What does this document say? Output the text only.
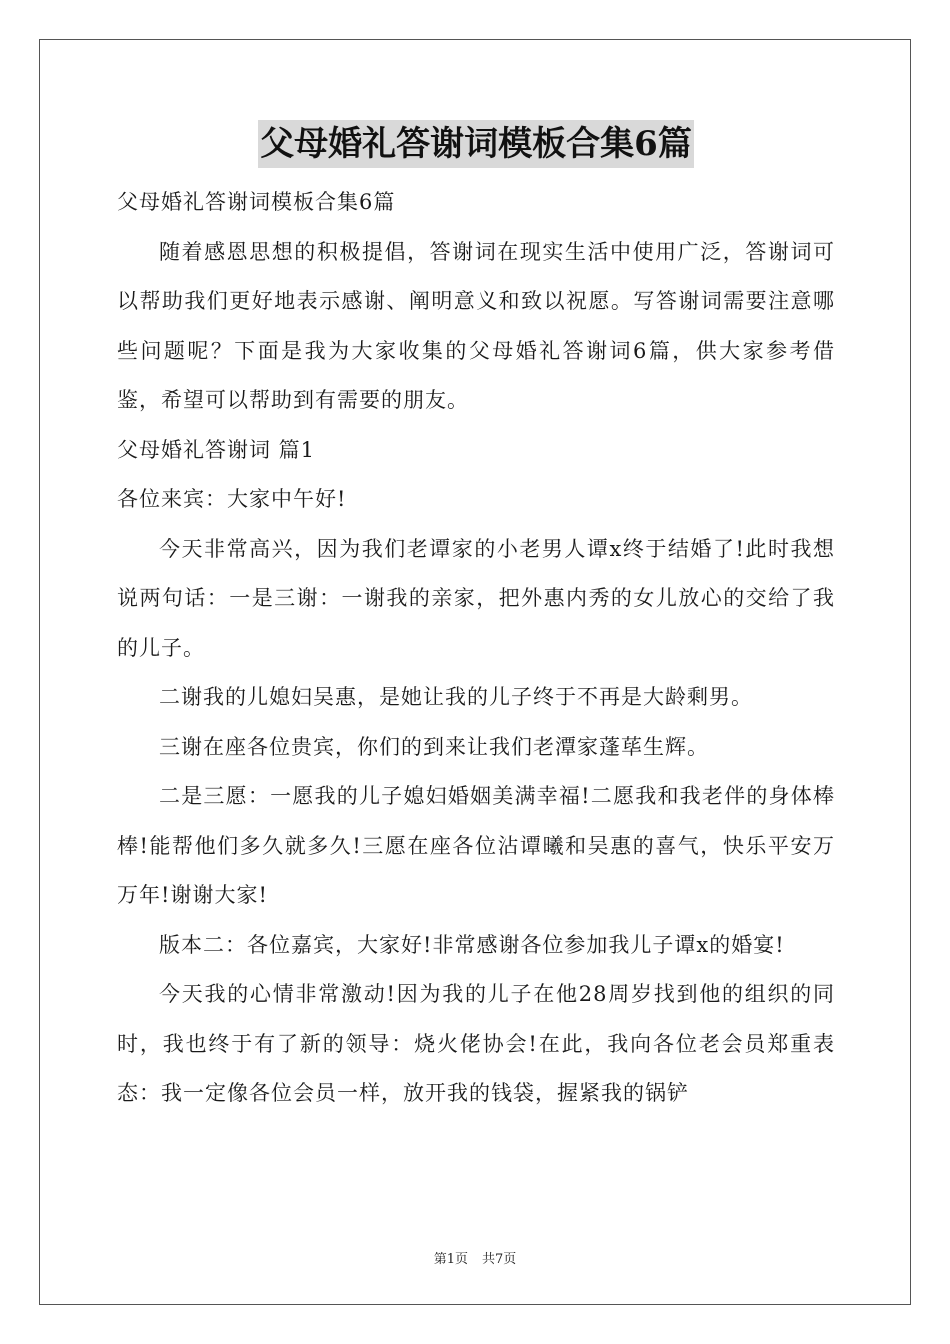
父母婚礼答谢词模板合集6篇

父母婚礼答谢词模板合集6篇

随着感恩思想的积极提倡，答谢词在现实生活中使用广泛，答谢词可以帮助我们更好地表示感谢、阐明意义和致以祝愿。写答谢词需要注意哪些问题呢？下面是我为大家收集的父母婚礼答谢词6篇，供大家参考借鉴，希望可以帮助到有需要的朋友。

父母婚礼答谢词 篇1

各位来宾：大家中午好!

今天非常高兴，因为我们老谭家的小老男人谭x终于结婚了!此时我想说两句话：一是三谢：一谢我的亲家，把外惠内秀的女儿放心的交给了我的儿子。

二谢我的儿媳妇吴惠，是她让我的儿子终于不再是大龄剩男。

三谢在座各位贵宾，你们的到来让我们老潭家蓬荜生辉。

二是三愿：一愿我的儿子媳妇婚姻美满幸福!二愿我和我老伴的身体棒棒!能帮他们多久就多久!三愿在座各位沾谭曦和吴惠的喜气，快乐平安万万年!谢谢大家!

版本二：各位嘉宾，大家好!非常感谢各位参加我儿子谭x的婚宴!

今天我的心情非常激动!因为我的儿子在他28周岁找到他的组织的同时，我也终于有了新的领导：烧火佬协会!在此，我向各位老会员郑重表态：我一定像各位会员一样，放开我的钱袋，握紧我的锅铲

第1页 共7页
